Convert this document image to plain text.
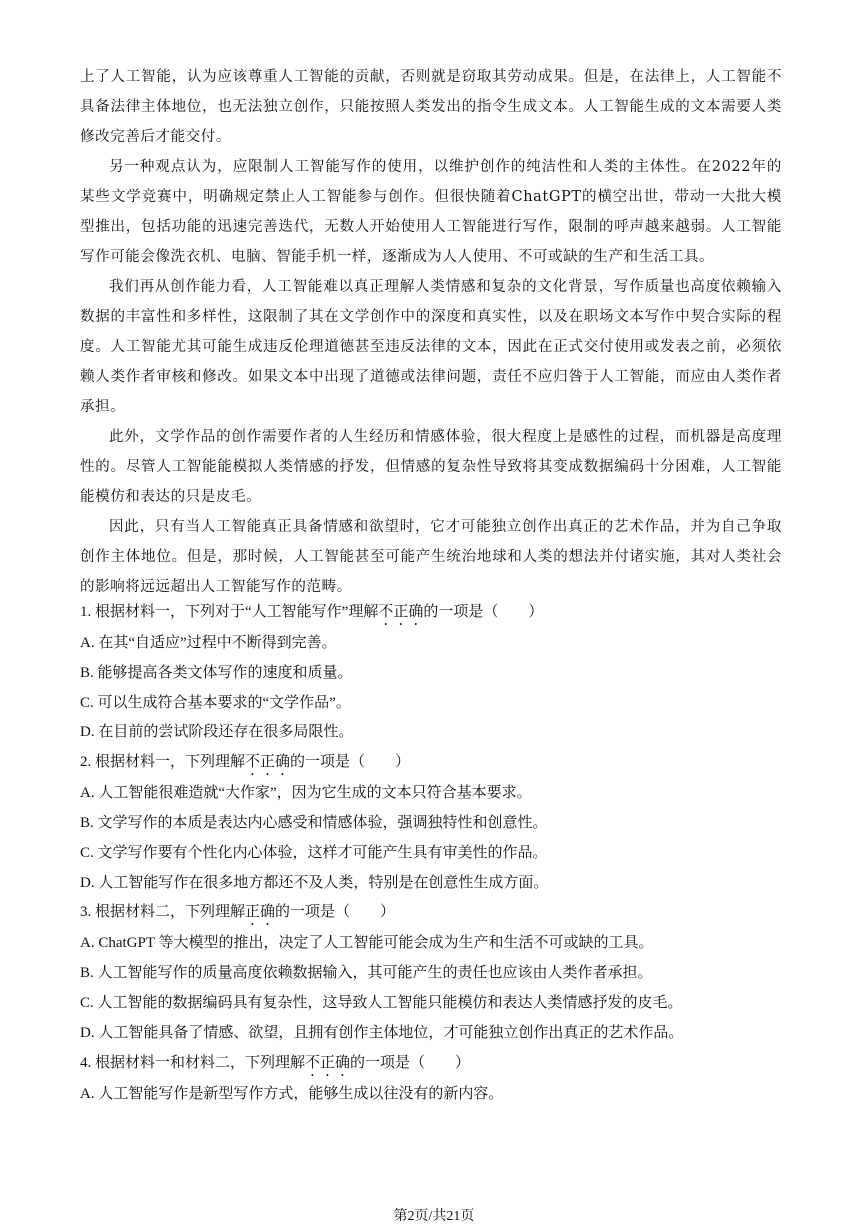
上了人工智能，认为应该尊重人工智能的贡献，否则就是窃取其劳动成果。但是，在法律上，人工智能不具备法律主体地位，也无法独立创作，只能按照人类发出的指令生成文本。人工智能生成的文本需要人类修改完善后才能交付。

另一种观点认为，应限制人工智能写作的使用，以维护创作的纯洁性和人类的主体性。在2022年的某些文学竞赛中，明确规定禁止人工智能参与创作。但很快随着ChatGPT的横空出世，带动一大批大模型推出，包括功能的迅速完善迭代，无数人开始使用人工智能进行写作，限制的呼声越来越弱。人工智能写作可能会像洗衣机、电脑、智能手机一样，逐渐成为人人使用、不可或缺的生产和生活工具。

我们再从创作能力看，人工智能难以真正理解人类情感和复杂的文化背景，写作质量也高度依赖输入数据的丰富性和多样性，这限制了其在文学创作中的深度和真实性，以及在职场文本写作中契合实际的程度。人工智能尤其可能生成违反伦理道德甚至违反法律的文本，因此在正式交付使用或发表之前，必须依赖人类作者审核和修改。如果文本中出现了道德或法律问题，责任不应归咎于人工智能，而应由人类作者承担。

此外，文学作品的创作需要作者的人生经历和情感体验，很大程度上是感性的过程，而机器是高度理性的。尽管人工智能能模拟人类情感的抒发，但情感的复杂性导致将其变成数据编码十分困难，人工智能能模仿和表达的只是皮毛。

因此，只有当人工智能真正具备情感和欲望时，它才可能独立创作出真正的艺术作品，并为自己争取创作主体地位。但是，那时候，人工智能甚至可能产生统治地球和人类的想法并付诸实施，其对人类社会的影响将远远超出人工智能写作的范畴。

1. 根据材料一，下列对于“人工智能写作”理解不正确的一项是（　　）

A. 在其“自适应”过程中不断得到完善。

B. 能够提高各类文体写作的速度和质量。

C. 可以生成符合基本要求的“文学作品”。

D. 在目前的尝试阶段还存在很多局限性。

2. 根据材料一，下列理解不正确的一项是（　　）

A. 人工智能很难造就“大作家”，因为它生成的文本只符合基本要求。

B. 文学写作的本质是表达内心感受和情感体验，强调独特性和创意性。

C. 文学写作要有个性化内心体验，这样才可能产生具有审美性的作品。

D. 人工智能写作在很多地方都还不及人类，特别是在创意性生成方面。

3. 根据材料二，下列理解正确的一项是（　　）

A. ChatGPT 等大模型的推出，决定了人工智能可能会成为生产和生活不可或缺的工具。

B. 人工智能写作的质量高度依赖数据输入，其可能产生的责任也应该由人类作者承担。

C. 人工智能的数据编码具有复杂性，这导致人工智能只能模仿和表达人类情感抒发的皮毛。

D. 人工智能具备了情感、欲望，且拥有创作主体地位，才可能独立创作出真正的艺术作品。

4. 根据材料一和材料二，下列理解不正确的一项是（　　）

A. 人工智能写作是新型写作方式，能够生成以往没有的新内容。

第2页/共21页
